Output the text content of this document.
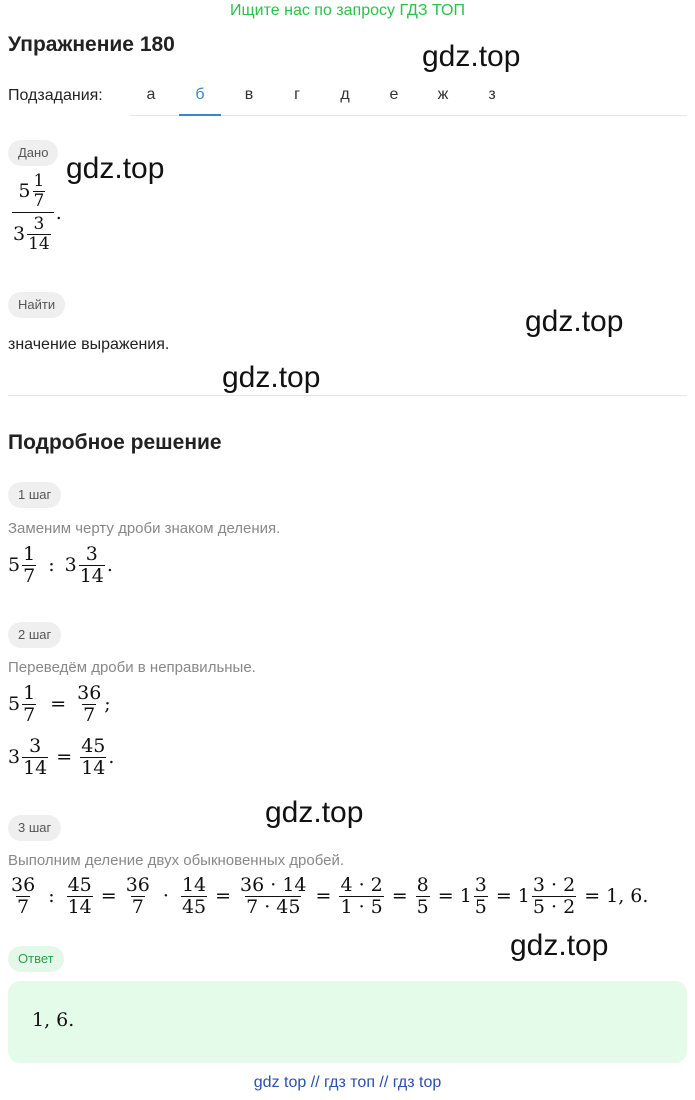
Ищите нас по запросу ГДЗ ТОП
Упражнение 180	gdz.top
Подзадания:	а	б	в	г	д	е	ж	з
Дано gdz.top
$\frac{5 \frac{1}{7}}{3 \frac{3}{14}}$ .
Найти
gdz.top
значение выражения.
gdz.top
Подробное решение
1 шаг
Заменим черту дроби знаком деления.
$5 \frac{1}{7}$ : $3 \frac{3}{14}$ .
2 шаг
Переведём дроби в неправильные.
$5 \frac{1}{7} = \frac{36}{7}$ ;
$3 \frac{3}{14} = \frac{45}{14}$ .
gdz.top
3 шаг
Выполним деление двух обыкновенных дробей.
$\frac{36}{7}$ : $\frac{45}{14} = \frac{36}{7} \cdot \frac{14}{45} = \frac{36 \cdot 14}{7 \cdot 45} = \frac{4 \cdot 2}{1 \cdot 5} = \frac{8}{5} = 1 \frac{3}{5} = 1 \frac{3 \cdot 2}{5 \cdot 2} = 1$, 6.
gdz.top
Ответ
1, 6.
gdz top // гдз топ // гдз top
